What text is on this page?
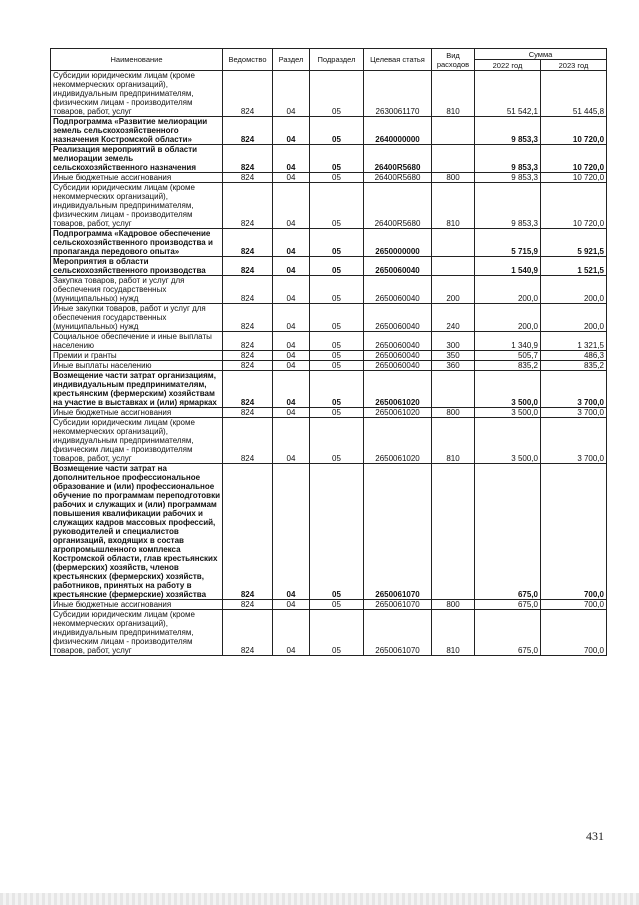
Наименование	Ведомство	Раздел	Подраздел	Целевая статья	Вид расходов	Сумма	
						2022 год	2023 год
Субсидии юридическим лицам (кроме некоммерческих организаций), индивидуальным предпринимателям, физическим лицам - производителям товаров, работ, услуг	824	04	05	2630061170	810	51 542,1	51 445,8
Подпрограмма «Развитие мелиорации земель сельскохозяйственного назначения Костромской области»	824	04	05	2640000000		9 853,3	10 720,0
Реализация мероприятий в области мелиорации земель сельскохозяйственного назначения	824	04	05	26400R5680		9 853,3	10 720,0
Иные бюджетные ассигнования	824	04	05	26400R5680	800	9 853,3	10 720,0
Субсидии юридическим лицам (кроме некоммерческих организаций), индивидуальным предпринимателям, физическим лицам - производителям товаров, работ, услуг	824	04	05	26400R5680	810	9 853,3	10 720,0
Подпрограмма «Кадровое обеспечение сельскохозяйственного производства и пропаганда передового опыта»	824	04	05	2650000000		5 715,9	5 921,5
Мероприятия в области сельскохозяйственного производства	824	04	05	2650060040		1 540,9	1 521,5
Закупка товаров, работ и услуг для обеспечения государственных (муниципальных) нужд	824	04	05	2650060040	200	200,0	200,0
Иные закупки товаров, работ и услуг для обеспечения государственных (муниципальных) нужд	824	04	05	2650060040	240	200,0	200,0
Социальное обеспечение и иные выплаты населению	824	04	05	2650060040	300	1 340,9	1 321,5
Премии и гранты	824	04	05	2650060040	350	505,7	486,3
Иные выплаты населению	824	04	05	2650060040	360	835,2	835,2
Возмещение части затрат организациям, индивидуальным предпринимателям, крестьянским (фермерским) хозяйствам на участие в выставках и (или) ярмарках	824	04	05	2650061020		3 500,0	3 700,0
Иные бюджетные ассигнования	824	04	05	2650061020	800	3 500,0	3 700,0
Субсидии юридическим лицам (кроме некоммерческих организаций), индивидуальным предпринимателям, физическим лицам - производителям товаров, работ, услуг	824	04	05	2650061020	810	3 500,0	3 700,0
Возмещение части затрат на дополнительное профессиональное образование и (или) профессиональное обучение по программам переподготовки рабочих и служащих и (или) программам повышения квалификации рабочих и служащих кадров массовых профессий, руководителей и специалистов организаций, входящих в состав агропромышленного комплекса Костромской области, глав крестьянских (фермерских) хозяйств, членов крестьянских (фермерских) хозяйств, работников, принятых на работу в крестьянские (фермерские) хозяйства	824	04	05	2650061070		675,0	700,0
Иные бюджетные ассигнования	824	04	05	2650061070	800	675,0	700,0
Субсидии юридическим лицам (кроме некоммерческих организаций), индивидуальным предпринимателям, физическим лицам - производителям товаров, работ, услуг	824	04	05	2650061070	810	675,0	700,0
431
